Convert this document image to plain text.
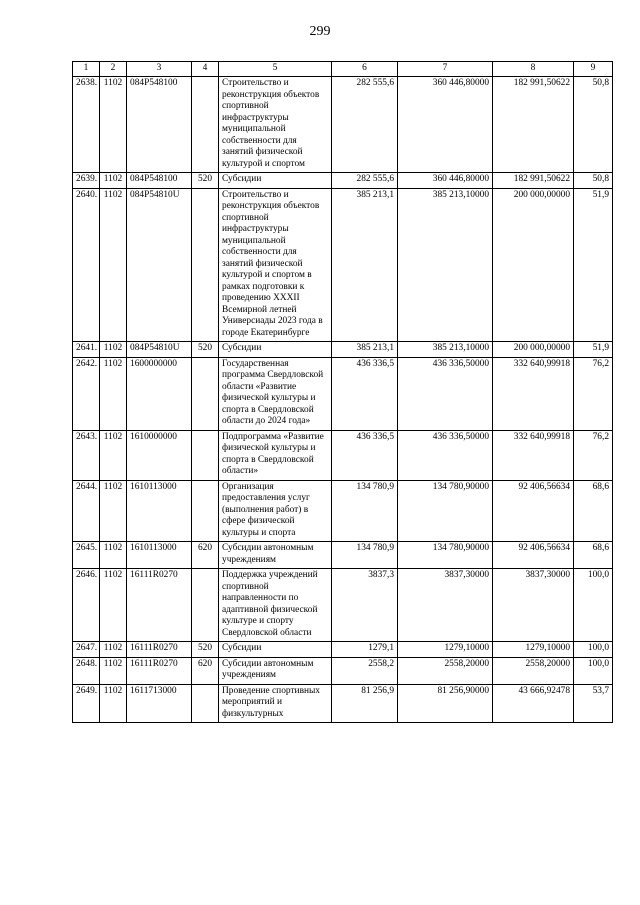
299
1	2	3	4	5	6	7	8	9
2638.	1102	084P548100		Строительство и реконструкция объектов спортивной инфраструктуры муниципальной собственности для занятий физической культурой и спортом	282 555,6	360 446,80000	182 991,50622	50,8
2639.	1102	084P548100	520	Субсидии	282 555,6	360 446,80000	182 991,50622	50,8
2640.	1102	084P54810U		Строительство и реконструкция объектов спортивной инфраструктуры муниципальной собственности для занятий физической культурой и спортом в рамках подготовки к проведению XXXII Всемирной летней Универсиады 2023 года в городе Екатеринбурге	385 213,1	385 213,10000	200 000,00000	51,9
2641.	1102	084P54810U	520	Субсидии	385 213,1	385 213,10000	200 000,00000	51,9
2642.	1102	1600000000		Государственная программа Свердловской области «Развитие физической культуры и спорта в Свердловской области до 2024 года»	436 336,5	436 336,50000	332 640,99918	76,2
2643.	1102	1610000000		Подпрограмма «Развитие физической культуры и спорта в Свердловской области»	436 336,5	436 336,50000	332 640,99918	76,2
2644.	1102	1610113000		Организация предоставления услуг (выполнения работ) в сфере физической культуры и спорта	134 780,9	134 780,90000	92 406,56634	68,6
2645.	1102	1610113000	620	Субсидии автономным учреждениям	134 780,9	134 780,90000	92 406,56634	68,6
2646.	1102	16111R0270		Поддержка учреждений спортивной направленности по адаптивной физической культуре и спорту Свердловской области	3837,3	3837,30000	3837,30000	100,0
2647.	1102	16111R0270	520	Субсидии	1279,1	1279,10000	1279,10000	100,0
2648.	1102	16111R0270	620	Субсидии автономным учреждениям	2558,2	2558,20000	2558,20000	100,0
2649.	1102	1611713000		Проведение спортивных мероприятий и физкультурных	81 256,9	81 256,90000	43 666,92478	53,7
